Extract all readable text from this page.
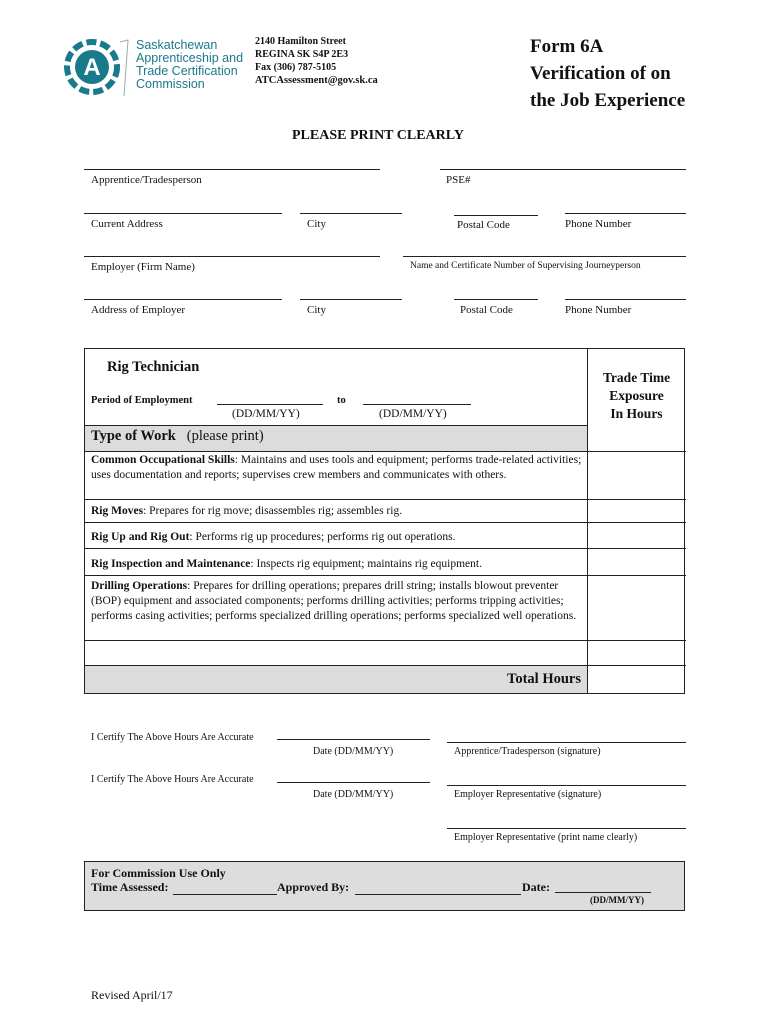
A
Saskatchewan
Apprenticeship and
Trade Certification
Commission
2140 Hamilton Street
REGINA SK S4P 2E3
Fax (306) 787-5105
ATCAssessment@gov.sk.ca
Form 6A
Verification of on
the Job Experience
PLEASE PRINT CLEARLY
Apprentice/Tradesperson	PSE#
Current Address	City	Postal Code	Phone Number
Employer (Firm Name)	Name and Certificate Number of Supervising Journeyperson
Address of Employer	City	Postal Code	Phone Number
Rig Technician
Period of Employment	to
(DD/MM/YY)	(DD/MM/YY)
Trade Time
Exposure
In Hours
Type of Work (please print)
Common Occupational Skills: Maintains and uses tools and equipment; performs trade-related activities; uses documentation and reports; supervises crew members and communicates with others.
Rig Moves: Prepares for rig move; disassembles rig; assembles rig.
Rig Up and Rig Out: Performs rig up procedures; performs rig out operations.
Rig Inspection and Maintenance: Inspects rig equipment; maintains rig equipment.
Drilling Operations: Prepares for drilling operations; prepares drill string; installs blowout preventer (BOP) equipment and associated components; performs drilling activities; performs tripping activities; performs casing activities; performs specialized drilling operations; performs specialized well operations.
Total Hours
I Certify The Above Hours Are Accurate
Date (DD/MM/YY)	Apprentice/Tradesperson (signature)
I Certify The Above Hours Are Accurate
Date (DD/MM/YY)	Employer Representative (signature)
Employer Representative (print name clearly)
For Commission Use Only
Time Assessed:	Approved By:	Date:
(DD/MM/YY)
Revised April/17
